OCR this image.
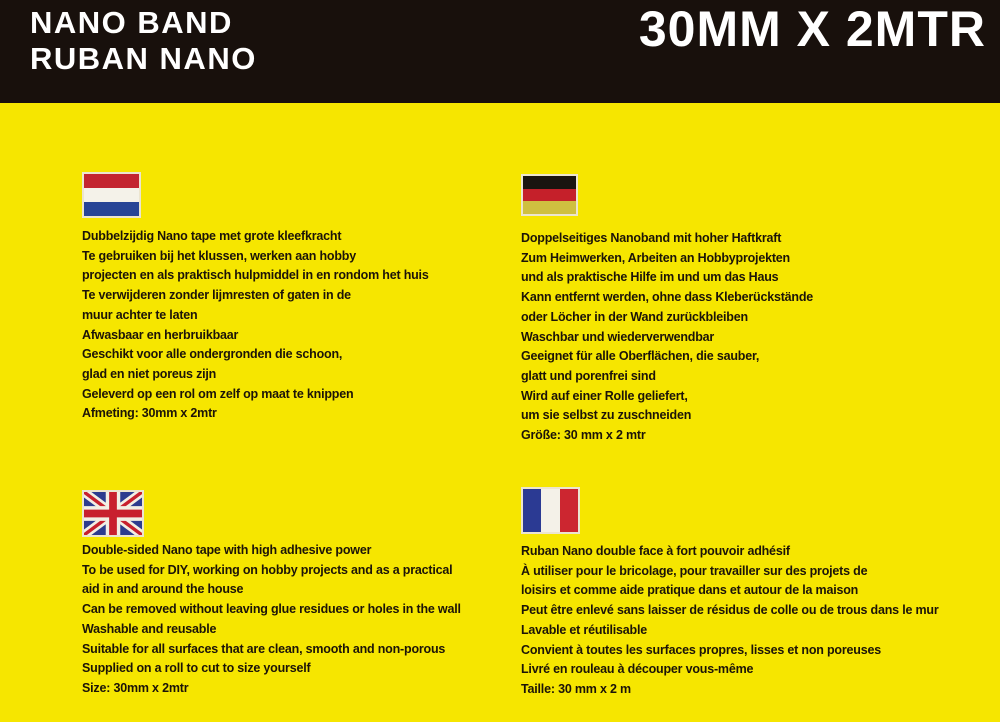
NANO BAND
RUBAN NANO
30MM X 2MTR
Dubbelzijdig Nano tape met grote kleefkracht
Te gebruiken bij het klussen, werken aan hobby
projecten en als praktisch hulpmiddel in en rondom het huis
Te verwijderen zonder lijmresten of gaten in de
muur achter te laten
Afwasbaar en herbruikbaar
Geschikt voor alle ondergronden die schoon,
glad en niet poreus zijn
Geleverd op een rol om zelf op maat te knippen
Afmeting: 30mm x 2mtr
Doppelseitiges Nanoband mit hoher Haftkraft
Zum Heimwerken, Arbeiten an Hobbyprojekten
und als praktische Hilfe im und um das Haus
Kann entfernt werden, ohne dass Kleberückstände
oder Löcher in der Wand zurückbleiben
Waschbar und wiederverwendbar
Geeignet für alle Oberflächen, die sauber,
glatt und porenfrei sind
Wird auf einer Rolle geliefert,
um sie selbst zu zuschneiden
Größe: 30 mm x 2 mtr
Double-sided Nano tape with high adhesive power
To be used for DIY, working on hobby projects and as a practical
aid in and around the house
Can be removed without leaving glue residues or holes in the wall
Washable and reusable
Suitable for all surfaces that are clean, smooth and non-porous
Supplied on a roll to cut to size yourself
Size: 30mm x 2mtr
Ruban Nano double face à fort pouvoir adhésif
À utiliser pour le bricolage, pour travailler sur des projets de
loisirs et comme aide pratique dans et autour de la maison
Peut être enlevé sans laisser de résidus de colle ou de trous dans le mur
Lavable et réutilisable
Convient à toutes les surfaces propres, lisses et non poreuses
Livré en rouleau à découper vous-même
Taille: 30 mm x 2 m
